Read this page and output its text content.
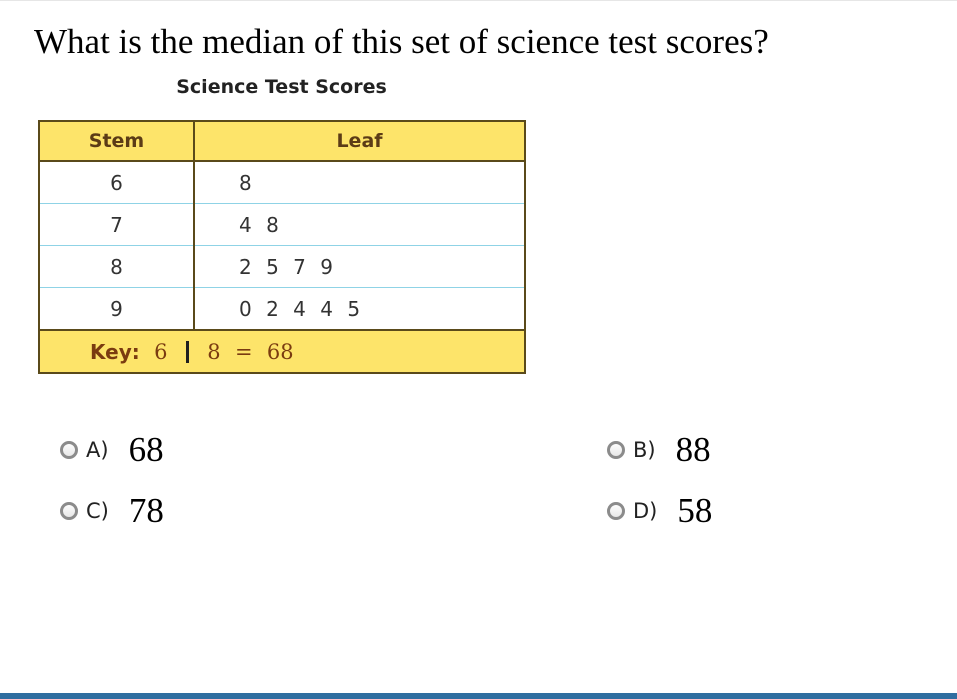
What is the median of this set of science test scores?
Science Test Scores
Stem	Leaf
6	8
7	4 8
8	2 5 7 9
9	0 2 4 4 5
Key: 6 8 = 68	
A) 68	B) 88
C) 78	D) 58
